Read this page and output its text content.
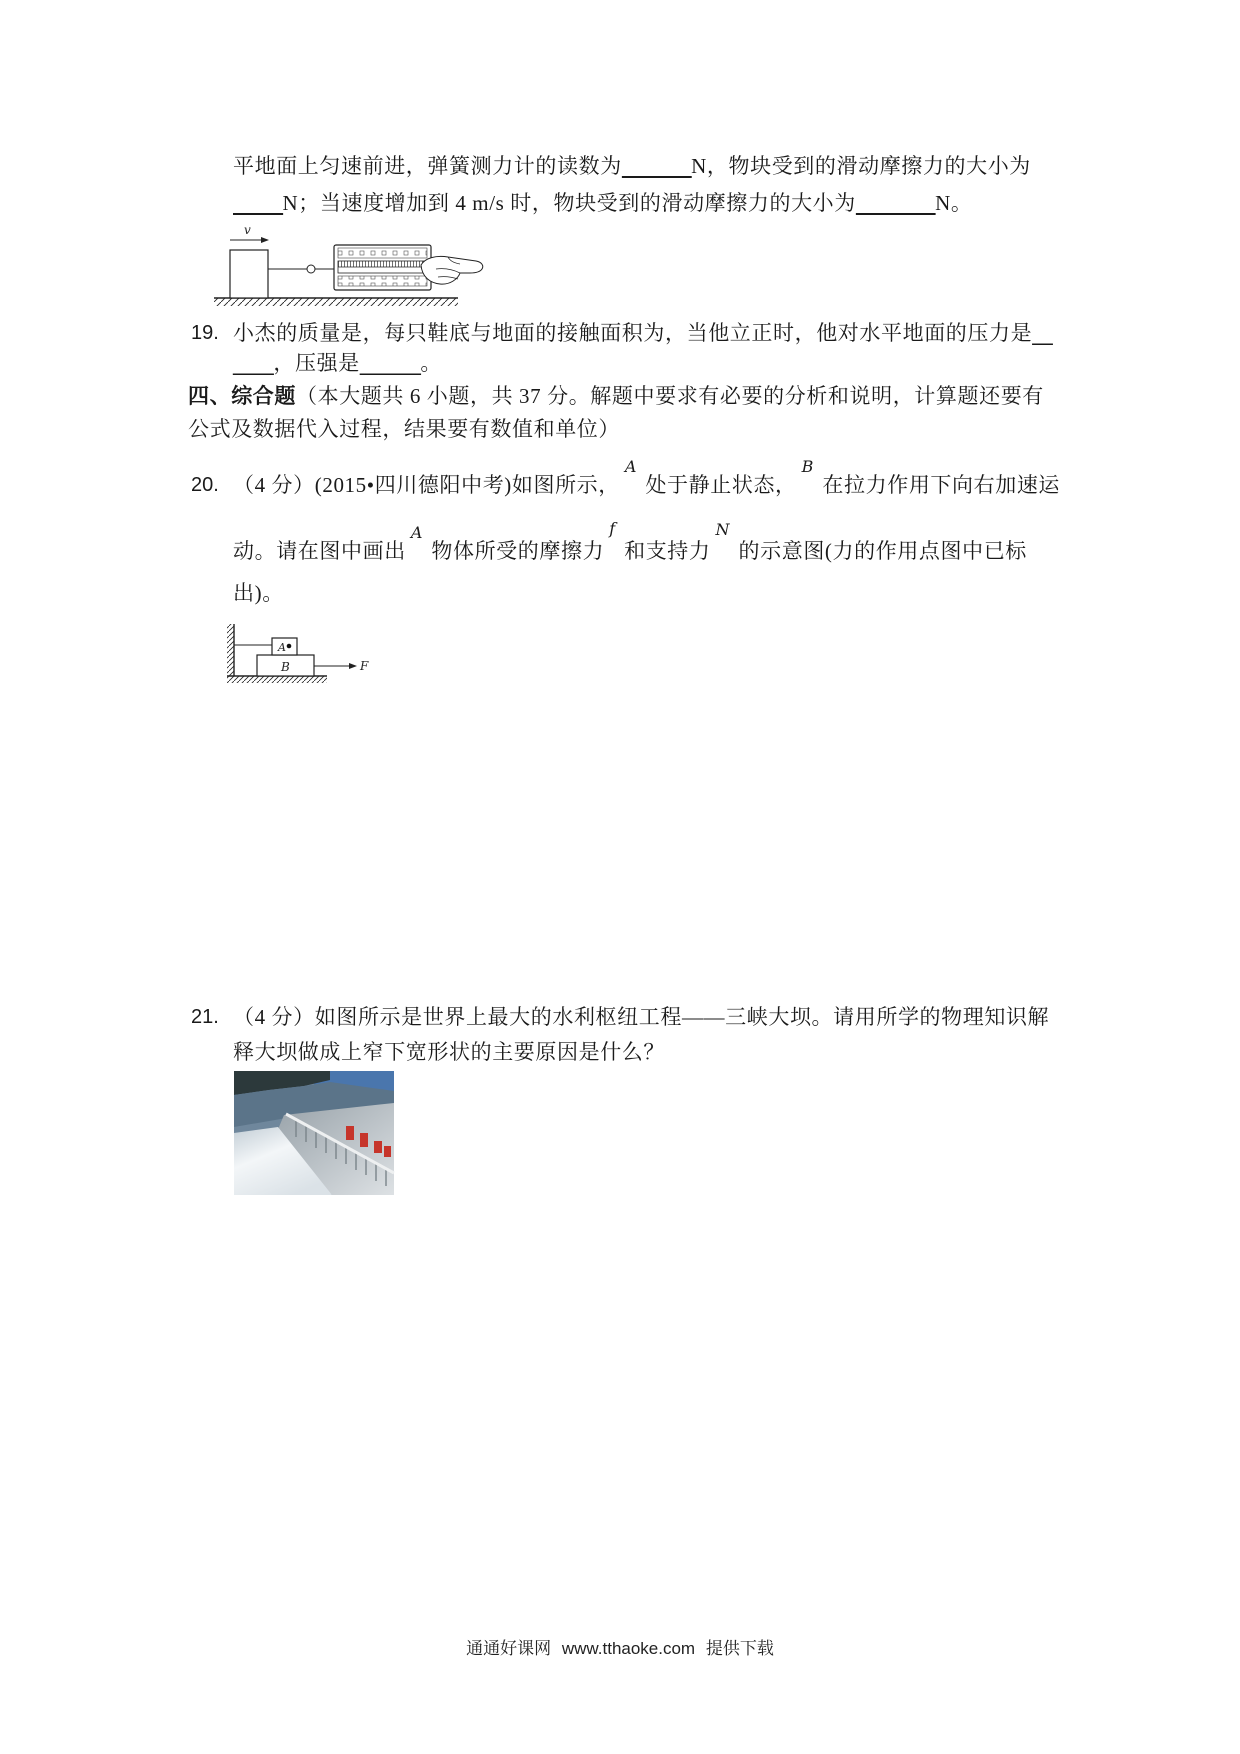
平地面上匀速前进，弹簧测力计的读数为_______N，物块受到的滑动摩擦力的大小为
_____N；当速度增加到 4 m/s 时，物块受到的滑动摩擦力的大小为________N。
v
19. 小杰的质量是，每只鞋底与地面的接触面积为，当他立正时，他对水平地面的压力是__
____，压强是______。
四、综合题（本大题共 6 小题，共 37 分。解题中要求有必要的分析和说明，计算题还要有
公式及数据代入过程，结果要有数值和单位）
20. （4 分）(2015•四川德阳中考)如图所示，A处于静止状态，B在拉力作用下向右加速运
动。请在图中画出A物体所受的摩擦力f和支持力N的示意图(力的作用点图中已标
出)。
A
B	F
21. （4 分）如图所示是世界上最大的水利枢纽工程——三峡大坝。请用所学的物理知识解
释大坝做成上窄下宽形状的主要原因是什么？
通通好课网 www.tthaoke.com 提供下载
